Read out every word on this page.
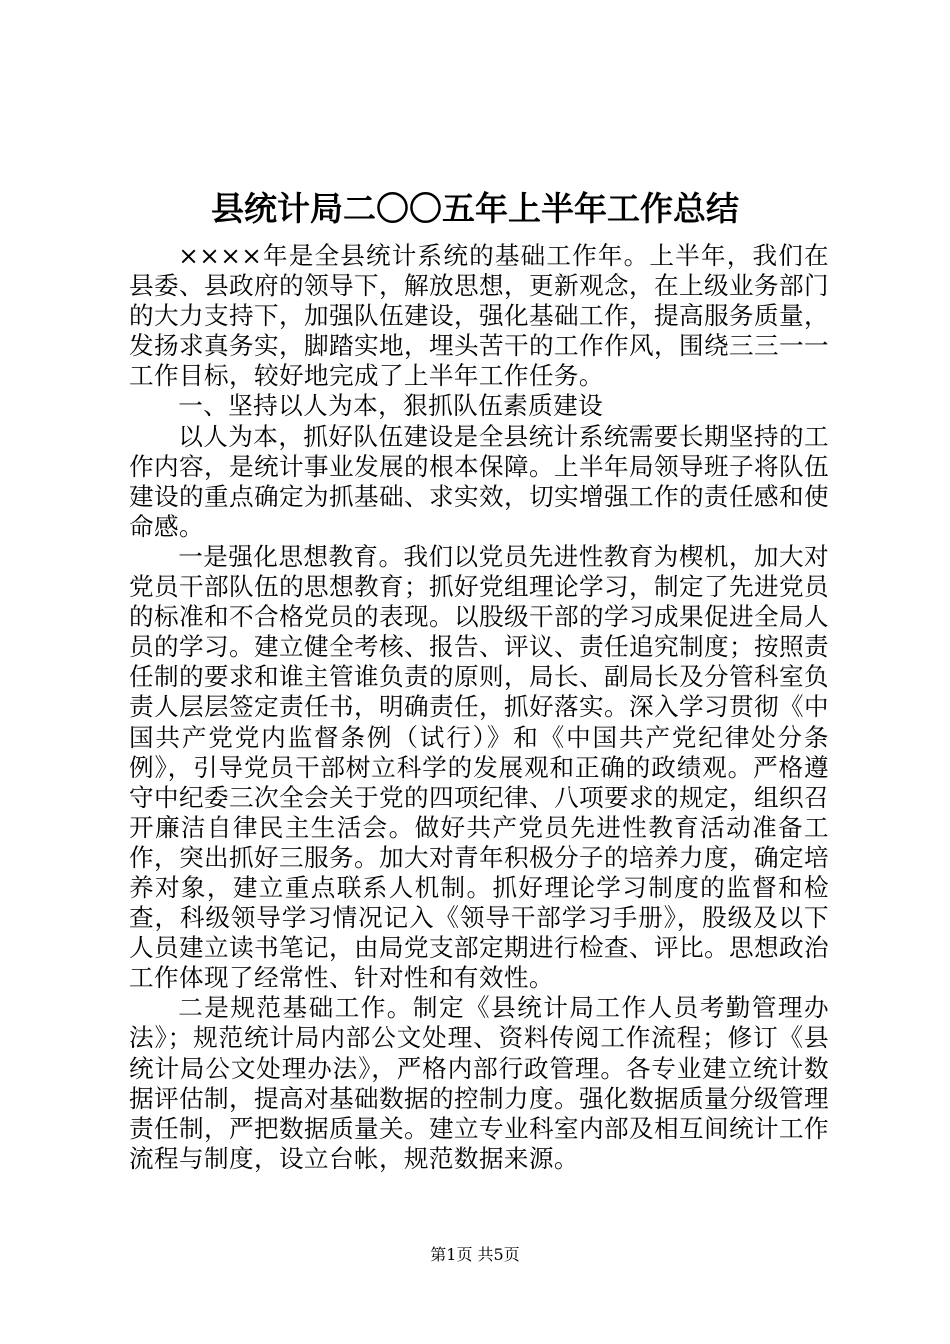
县统计局二〇〇五年上半年工作总结

××××年是全县统计系统的基础工作年。上半年，我们在县委、县政府的领导下，解放思想，更新观念，在上级业务部门的大力支持下，加强队伍建设，强化基础工作，提高服务质量，发扬求真务实，脚踏实地，埋头苦干的工作作风，围绕三三一一工作目标，较好地完成了上半年工作任务。

一、坚持以人为本，狠抓队伍素质建设

以人为本，抓好队伍建设是全县统计系统需要长期坚持的工作内容，是统计事业发展的根本保障。上半年局领导班子将队伍建设的重点确定为抓基础、求实效，切实增强工作的责任感和使命感。

一是强化思想教育。我们以党员先进性教育为楔机，加大对党员干部队伍的思想教育；抓好党组理论学习，制定了先进党员的标准和不合格党员的表现。以股级干部的学习成果促进全局人员的学习。建立健全考核、报告、评议、责任追究制度；按照责任制的要求和谁主管谁负责的原则，局长、副局长及分管科室负责人层层签定责任书，明确责任，抓好落实。深入学习贯彻《中国共产党党内监督条例（试行）》和《中国共产党纪律处分条例》，引导党员干部树立科学的发展观和正确的政绩观。严格遵守中纪委三次全会关于党的四项纪律、八项要求的规定，组织召开廉洁自律民主生活会。做好共产党员先进性教育活动准备工作，突出抓好三服务。加大对青年积极分子的培养力度，确定培养对象，建立重点联系人机制。抓好理论学习制度的监督和检查，科级领导学习情况记入《领导干部学习手册》，股级及以下人员建立读书笔记，由局党支部定期进行检查、评比。思想政治工作体现了经常性、针对性和有效性。

二是规范基础工作。制定《县统计局工作人员考勤管理办法》；规范统计局内部公文处理、资料传阅工作流程；修订《县统计局公文处理办法》，严格内部行政管理。各专业建立统计数据评估制，提高对基础数据的控制力度。强化数据质量分级管理责任制，严把数据质量关。建立专业科室内部及相互间统计工作流程与制度，设立台帐，规范数据来源。

第1页 共5页
